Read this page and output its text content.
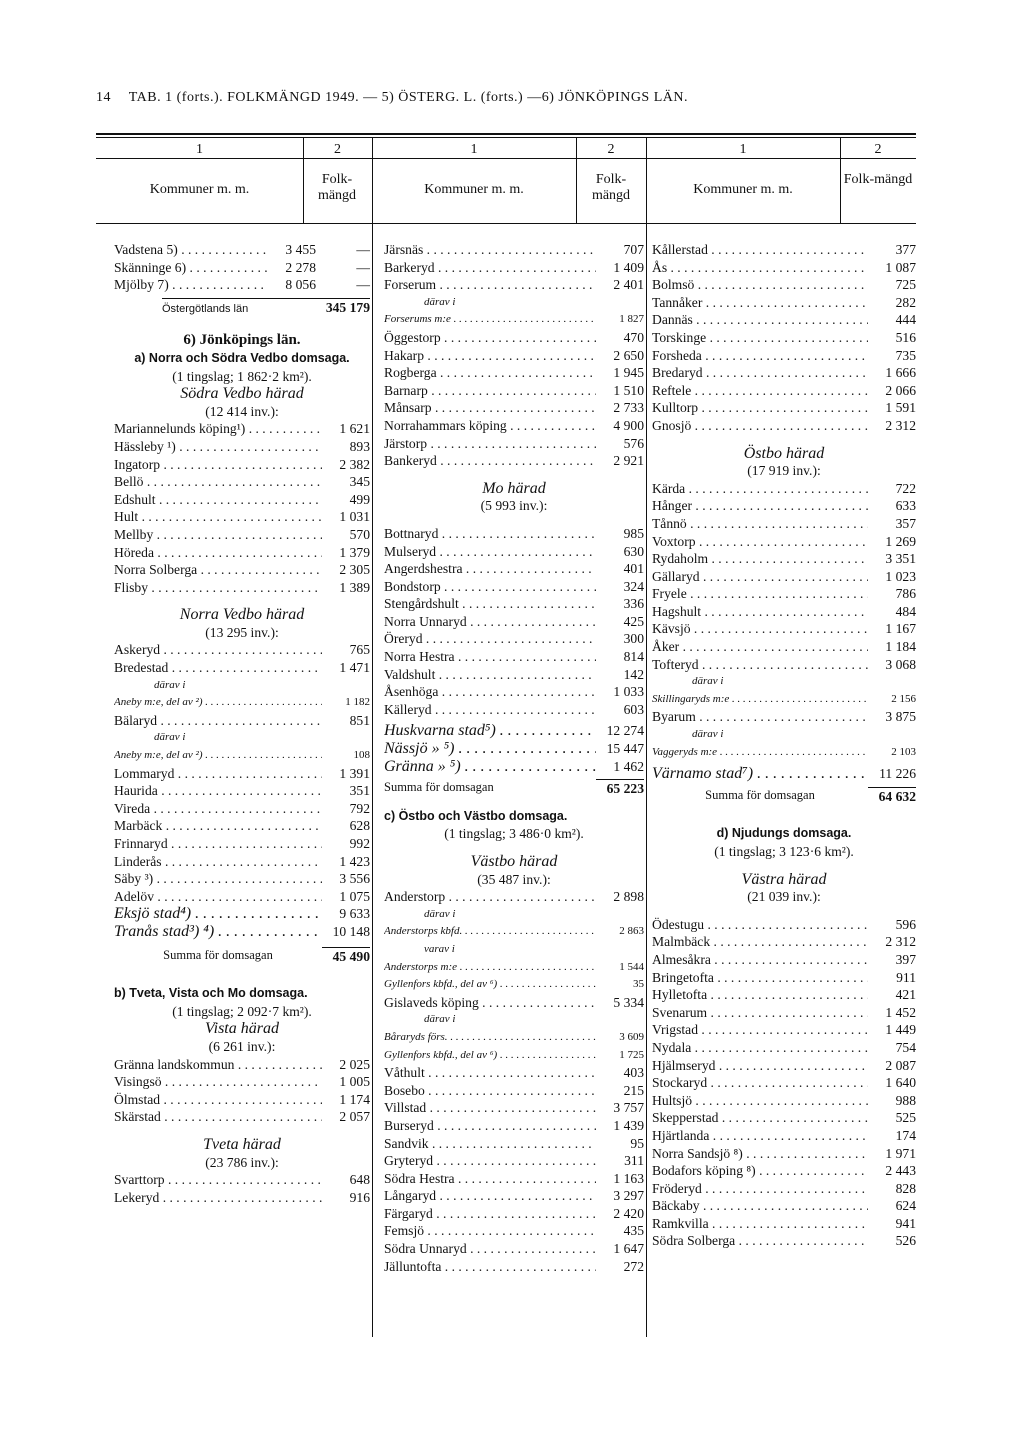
14 TAB. 1 (forts.). FOLKMÄNGD 1949. — 5) ÖSTERG. L. (forts.) —6) JÖNKÖPINGS LÄN.
1	2	1	2	1	2
Kommuner m. m.
Folk-mängd	Kommuner m. m.
Folk-mängd	Kommuner m. m.
Folk-mängd
Vadstena 5) . . .	3 455	—
Skänninge 6) . . .	2 278	—
Mjölby 7) . . .	8 056	—
Östergötlands län	345 179
6) Jönköpings län.
a) Norra och Södra Vedbo domsaga.
(1 tingslag; 1 862·2 km²).
Södra Vedbo härad
(12 414 inv.):
Mariannelunds köping¹) . . .	1 621
Hässleby ¹) . . .	893
Ingatorp . . .	2 382
Bellö . . .	345
Edshult . . .	499
Hult . . .	1 031
Mellby . . .	570
Höreda . . .	1 379
Norra Solberga . . .	2 305
Flisby . . .	1 389
Norra Vedbo härad
(13 295 inv.):
Askeryd . . .	765
Bredestad . . .	1 471
därav i
Aneby m:e, del av ²) . . .	1 182
Bälaryd . . .	851
därav i
Aneby m:e, del av ²) . . .	108
Lommaryd . . .	1 391
Haurida . . .	351
Vireda . . .	792
Marbäck . . .	628
Frinnaryd . . .	992
Linderås . . .	1 423
Säby ³) . . .	3 556
Adelöv . . .	1 075
Eksjö stad⁴) . . .	9 633
Tranås stad³) ⁴) . . .	10 148
Summa för domsagan	45 490
b) Tveta, Vista och Mo domsaga.
(1 tingslag; 2 092·7 km²).
Vista härad
(6 261 inv.):
Gränna landskommun . . .	2 025
Visingsö . . .	1 005
Ölmstad . . .	1 174
Skärstad . . .	2 057
Tveta härad
(23 786 inv.):
Svarttorp . . .	648
Lekeryd . . .	916
Järsnäs . . .	707
Barkeryd . . .	1 409
Forserum . . .	2 401
därav i
Forserums m:e . . .	1 827
Öggestorp . . .	470
Hakarp . . .	2 650
Rogberga . . .	1 945
Barnarp . . .	1 510
Månsarp . . .	2 733
Norrahammars köping . . .	4 900
Järstorp . . .	576
Bankeryd . . .	2 921
Mo härad
(5 993 inv.):
Bottnaryd . . .	985
Mulseryd . . .	630
Angerdshestra . . .	401
Bondstorp . . .	324
Stengårdshult . . .	336
Norra Unnaryd . . .	425
Öreryd . . .	300
Norra Hestra . . .	814
Valdshult . . .	142
Åsenhöga . . .	1 033
Källeryd . . .	603
Huskvarna stad⁵) . . .	12 274
Nässjö » ⁵) . . .	15 447
Gränna » ⁵) . . .	1 462
Summa för domsagan	65 223
c) Östbo och Västbo domsaga.
(1 tingslag; 3 486·0 km²).
Västbo härad
(35 487 inv.):
Anderstorp . . .	2 898
därav i
Anderstorps kbfd. . . .	2 863
varav i
Anderstorps m:e . . .	1 544
Gyllenfors kbfd., del av ⁶) . . .	35
Gislaveds köping . . .	5 334
därav i
Båraryds förs. . . .	3 609
Gyllenfors kbfd., del av ⁶) . . .	1 725
Våthult . . .	403
Bosebo . . .	215
Villstad . . .	3 757
Burseryd . . .	1 439
Sandvik . . .	95
Gryteryd . . .	311
Södra Hestra . . .	1 163
Långaryd . . .	3 297
Färgaryd . . .	2 420
Femsjö . . .	435
Södra Unnaryd . . .	1 647
Jälluntofta . . .	272
Kållerstad . . .	377
Ås . . .	1 087
Bolmsö . . .	725
Tannåker . . .	282
Dannäs . . .	444
Torskinge . . .	516
Forsheda . . .	735
Bredaryd . . .	1 666
Reftele . . .	2 066
Kulltorp . . .	1 591
Gnosjö . . .	2 312
Östbo härad
(17 919 inv.):
Kärda . . .	722
Hånger . . .	633
Tånnö . . .	357
Voxtorp . . .	1 269
Rydaholm . . .	3 351
Gällaryd . . .	1 023
Fryele . . .	786
Hagshult . . .	484
Kävsjö . . .	1 167
Åker . . .	1 184
Tofteryd . . .	3 068
därav i
Skillingaryds m:e . . .	2 156
Byarum . . .	3 875
därav i
Vaggeryds m:e . . .	2 103
Värnamo stad⁷) . . .	11 226
Summa för domsagan	64 632
d) Njudungs domsaga.
(1 tingslag; 3 123·6 km²).
Västra härad
(21 039 inv.):
Ödestugu . . .	596
Malmbäck . . .	2 312
Almesåkra . . .	397
Bringetofta . . .	911
Hylletofta . . .	421
Svenarum . . .	1 452
Vrigstad . . .	1 449
Nydala . . .	754
Hjälmseryd . . .	2 087
Stockaryd . . .	1 640
Hultsjö . . .	988
Skepperstad . . .	525
Hjärtlanda . . .	174
Norra Sandsjö ⁸) . . .	1 971
Bodafors köping ⁸) . . .	2 443
Fröderyd . . .	828
Bäckaby . . .	624
Ramkvilla . . .	941
Södra Solberga . . .	526
